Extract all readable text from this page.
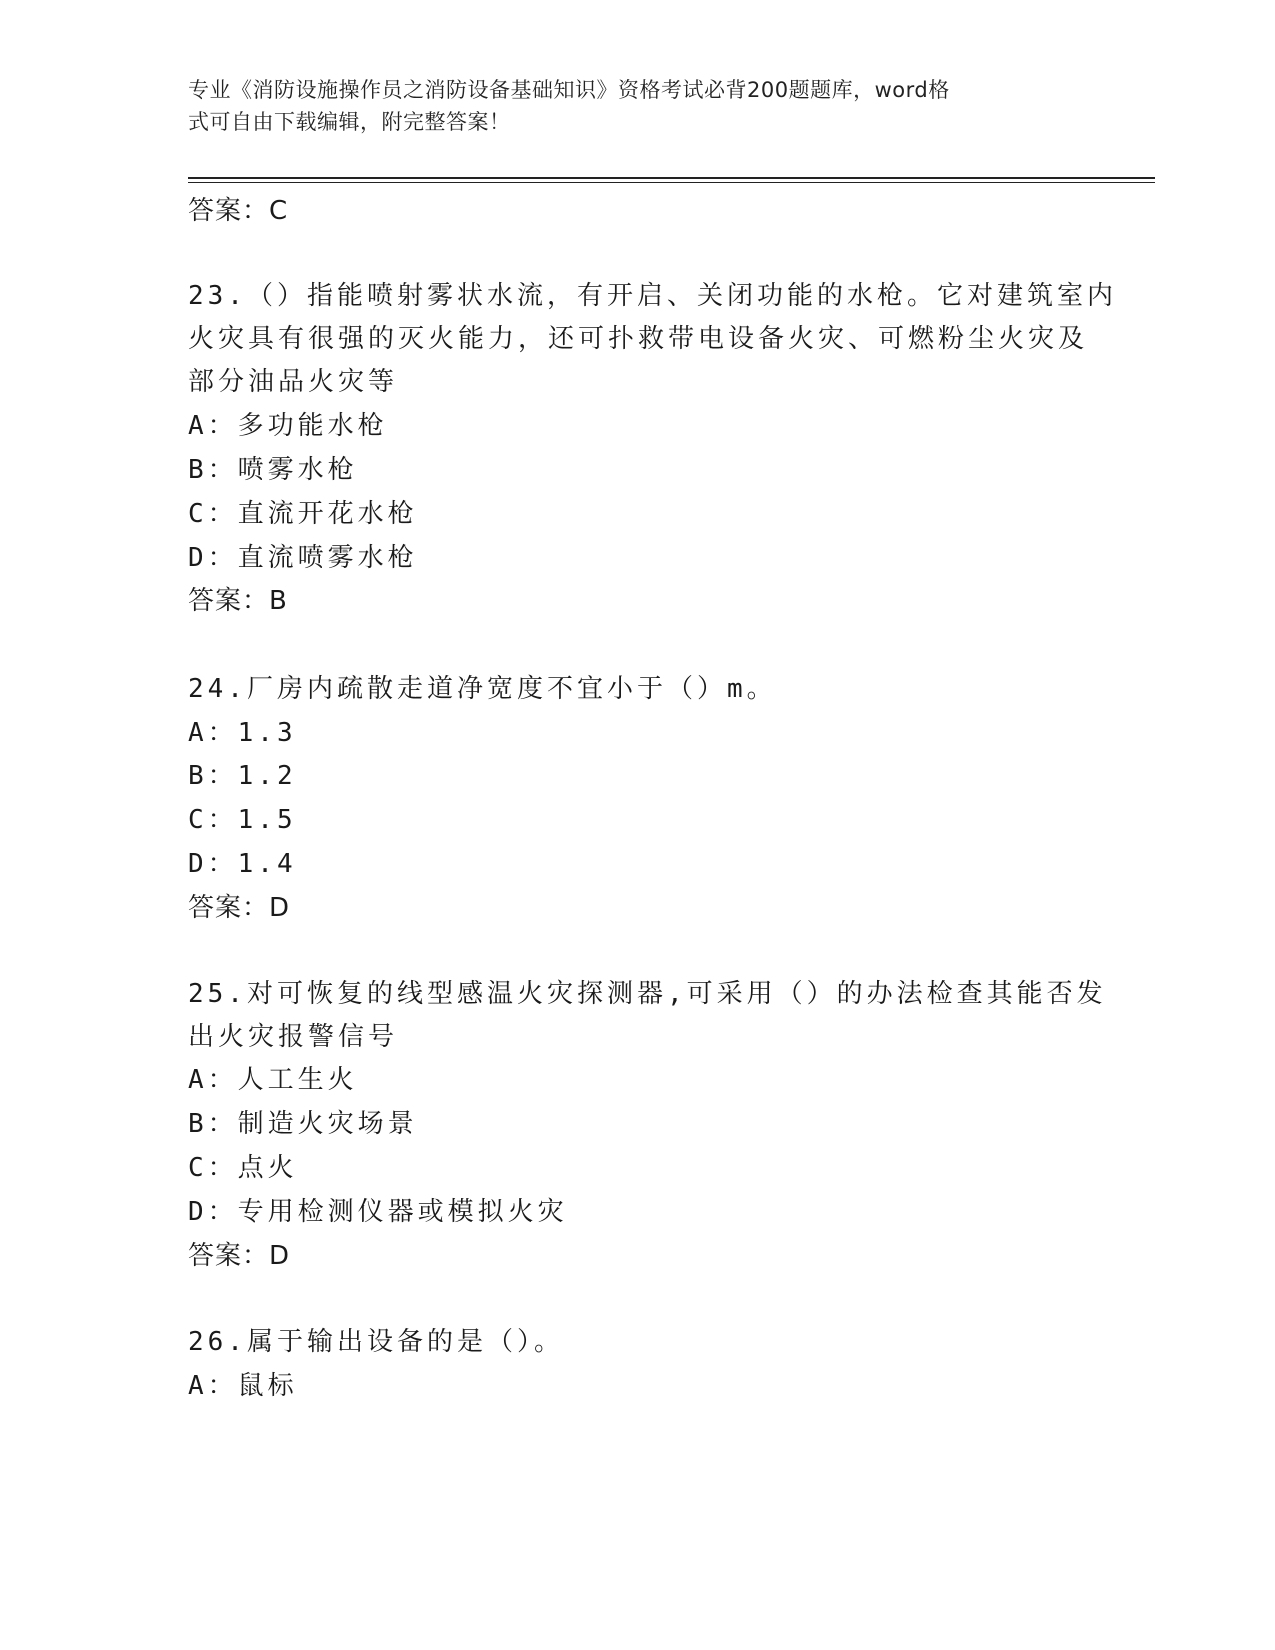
专业《消防设施操作员之消防设备基础知识》资格考试必背200题题库，word格
式可自由下载编辑，附完整答案！
答案：C
23.（）指能喷射雾状水流，有开启、关闭功能的水枪。它对建筑室内
火灾具有很强的灭火能力，还可扑救带电设备火灾、可燃粉尘火灾及
部分油品火灾等
A：多功能水枪
B：喷雾水枪
C：直流开花水枪
D：直流喷雾水枪
答案：B
24.厂房内疏散走道净宽度不宜小于（）m。
A：1.3
B：1.2
C：1.5
D：1.4
答案：D
25.对可恢复的线型感温火灾探测器,可采用（）的办法检查其能否发
出火灾报警信号
A：人工生火
B：制造火灾场景
C：点火
D：专用检测仪器或模拟火灾
答案：D
26.属于输出设备的是（）。
A：鼠标
